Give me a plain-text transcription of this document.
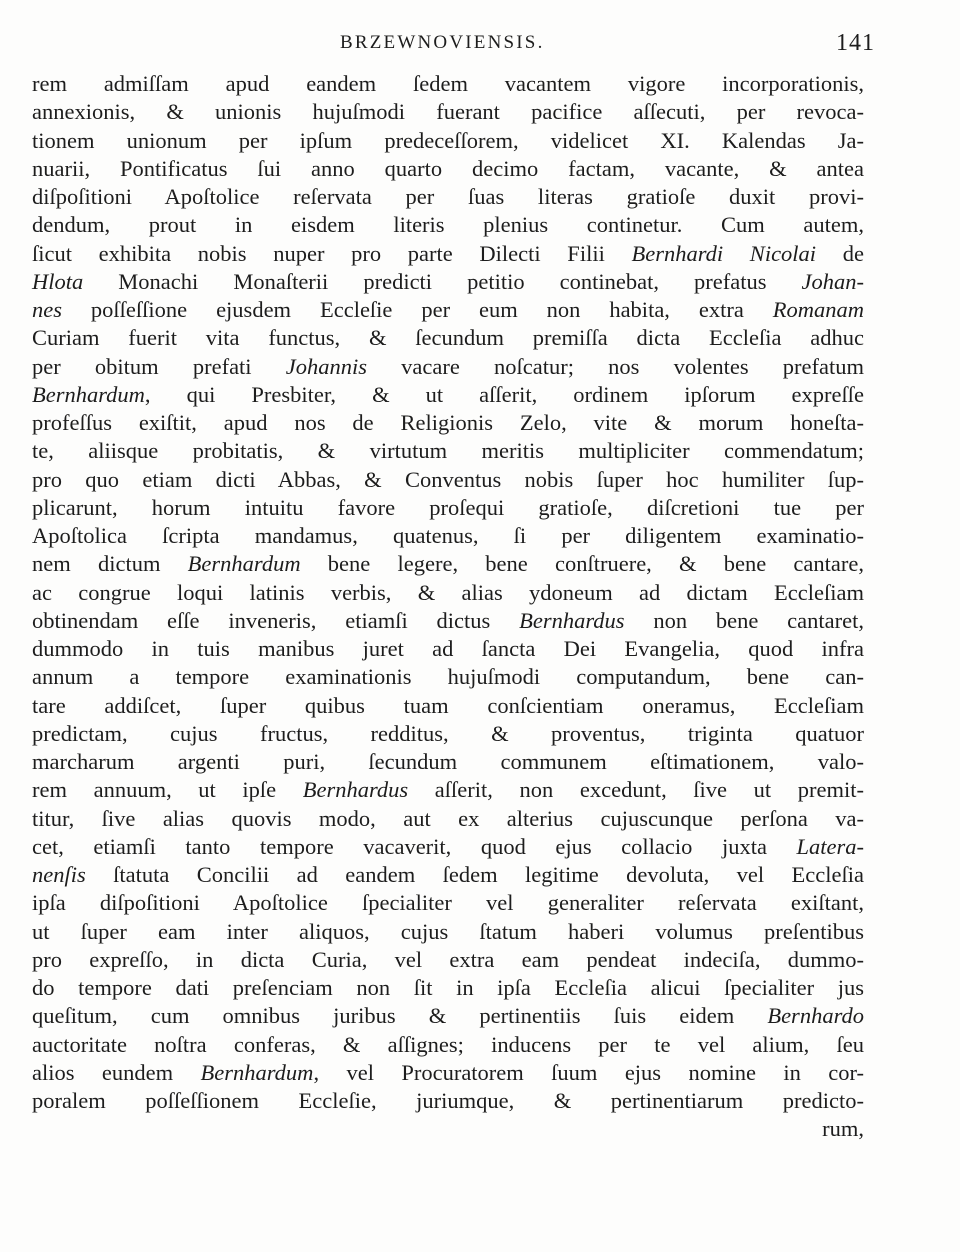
BRZEWNOVIENSIS.	141
rem admiſſam apud eandem ſedem vacantem vigore incorporationis,
annexionis, & unionis hujuſmodi fuerant pacifice aſſecuti, per revoca-
tionem unionum per ipſum predeceſſorem, videlicet XI. Kalendas Ja-
nuarii, Pontificatus ſui anno quarto decimo factam, vacante, & antea
diſpoſitioni Apoſtolice reſervata per ſuas literas gratioſe duxit provi-
dendum, prout in eisdem literis plenius continetur. Cum autem,
ſicut exhibita nobis nuper pro parte Dilecti Filii Bernhardi Nicolai de
Hlota Monachi Monaſterii predicti petitio continebat, prefatus Johan-
nes poſſeſſione ejusdem Eccleſie per eum non habita, extra Romanam
Curiam fuerit vita functus, & ſecundum premiſſa dicta Eccleſia adhuc
per obitum prefati Johannis vacare noſcatur; nos volentes prefatum
Bernhardum, qui Presbiter, & ut aſſerit, ordinem ipſorum expreſſe
profeſſus exiſtit, apud nos de Religionis Zelo, vite & morum honeſta-
te, aliisque probitatis, & virtutum meritis multipliciter commendatum;
pro quo etiam dicti Abbas, & Conventus nobis ſuper hoc humiliter ſup-
plicarunt, horum intuitu favore proſequi gratioſe, diſcretioni tue per
Apoſtolica ſcripta mandamus, quatenus, ſi per diligentem examinatio-
nem dictum Bernhardum bene legere, bene conſtruere, & bene cantare,
ac congrue loqui latinis verbis, & alias ydoneum ad dictam Eccleſiam
obtinendam eſſe inveneris, etiamſi dictus Bernhardus non bene cantaret,
dummodo in tuis manibus juret ad ſancta Dei Evangelia, quod infra
annum a tempore examinationis hujuſmodi computandum, bene can-
tare addiſcet, ſuper quibus tuam conſcientiam oneramus, Eccleſiam
predictam, cujus fructus, redditus, & proventus, triginta quatuor
marcharum argenti puri, ſecundum communem eſtimationem, valo-
rem annuum, ut ipſe Bernhardus aſſerit, non excedunt, ſive ut premit-
titur, ſive alias quovis modo, aut ex alterius cujuscunque perſona va-
cet, etiamſi tanto tempore vacaverit, quod ejus collacio juxta Latera-
nenſis ſtatuta Concilii ad eandem ſedem legitime devoluta, vel Eccleſia
ipſa diſpoſitioni Apoſtolice ſpecialiter vel generaliter reſervata exiſtant,
ut ſuper eam inter aliquos, cujus ſtatum haberi volumus preſentibus
pro expreſſo, in dicta Curia, vel extra eam pendeat indeciſa, dummo-
do tempore dati preſenciam non ſit in ipſa Eccleſia alicui ſpecialiter jus
queſitum, cum omnibus juribus & pertinentiis ſuis eidem Bernhardo
auctoritate noſtra conferas, & aſſignes; inducens per te vel alium, ſeu
alios eundem Bernhardum, vel Procuratorem ſuum ejus nomine in cor-
poralem poſſeſſionem Eccleſie, juriumque, & pertinentiarum predicto-
rum,
